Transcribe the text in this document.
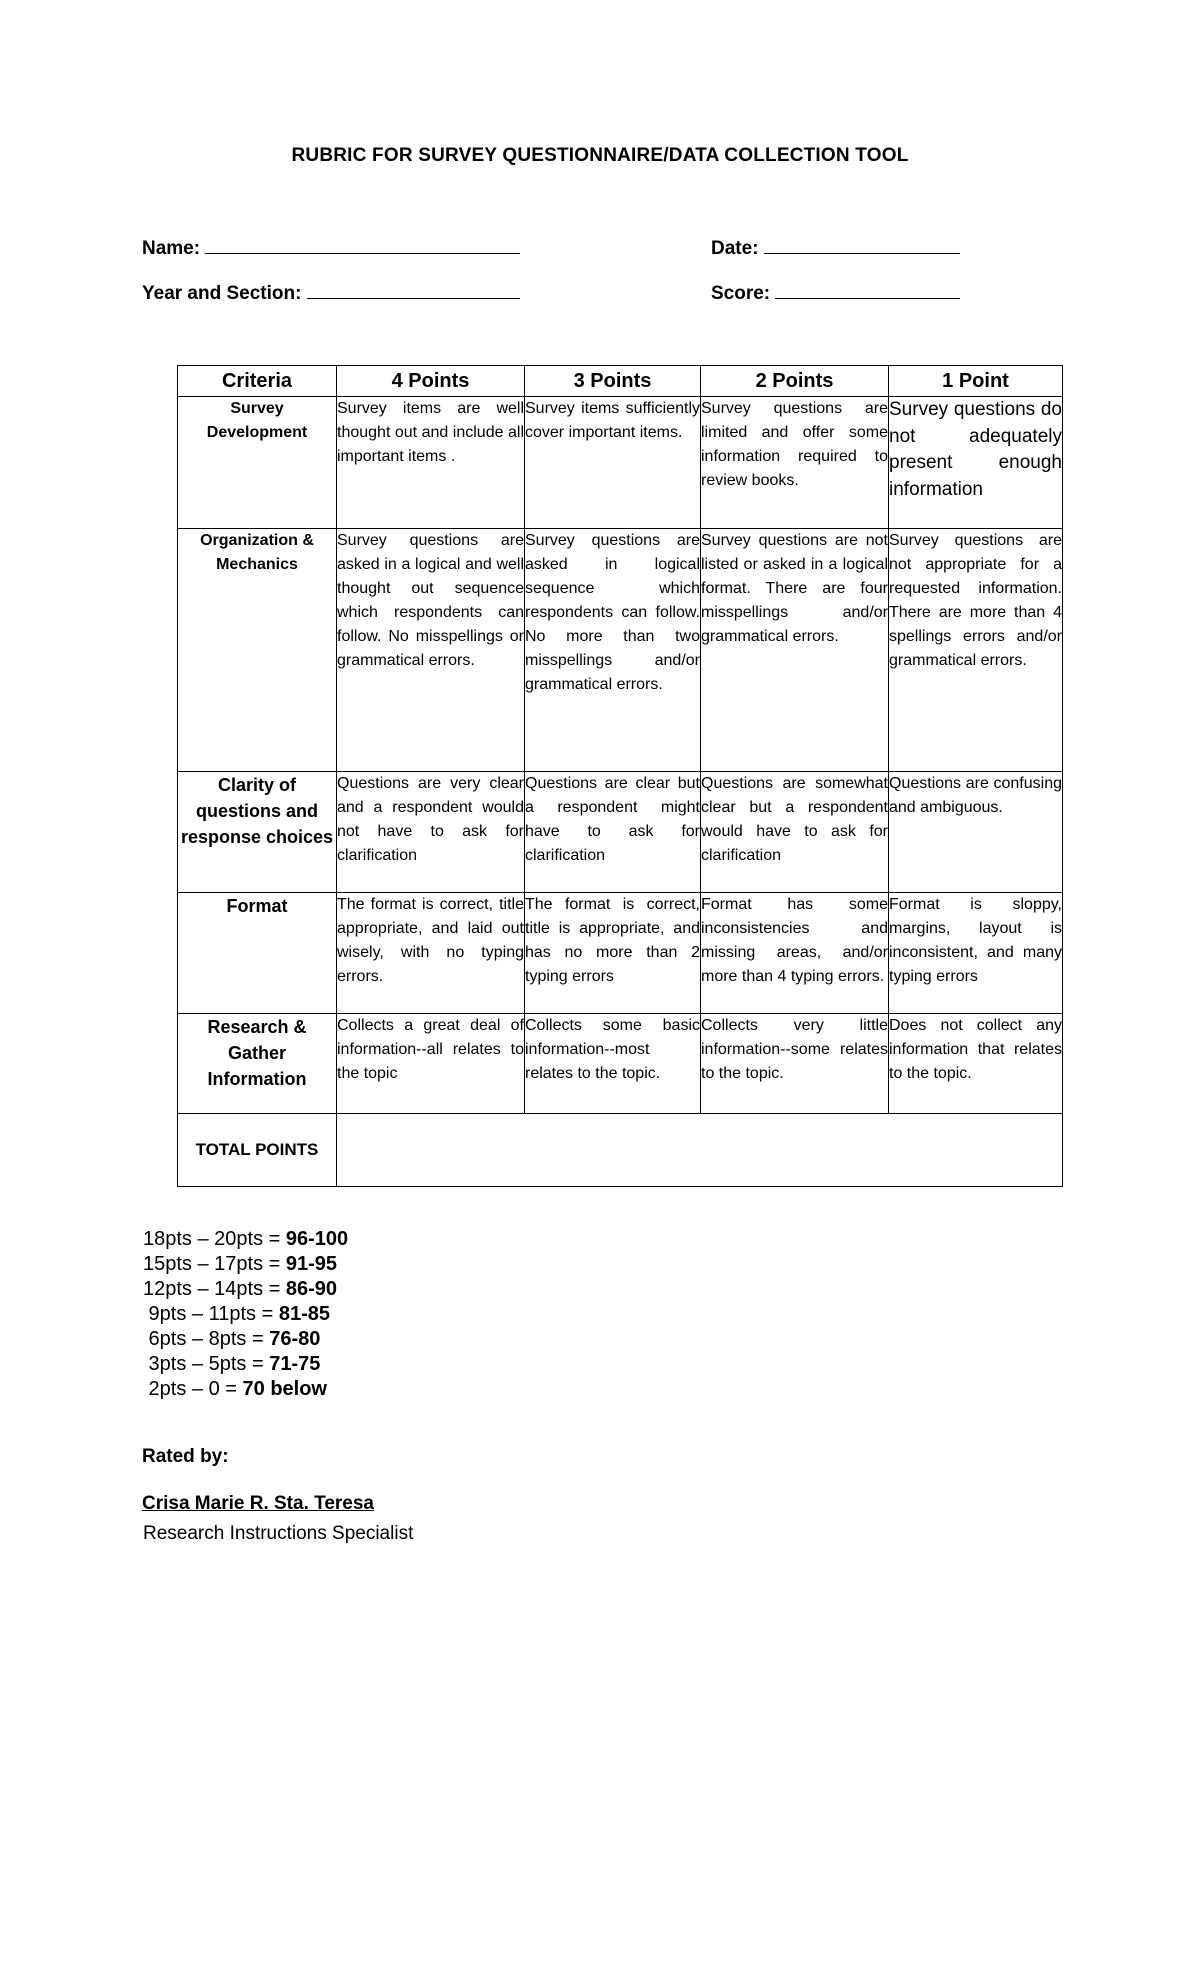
RUBRIC FOR SURVEY QUESTIONNAIRE/DATA COLLECTION TOOL
Name:	Date:
Year and Section:	Score:
Criteria	4 Points	3 Points	2 Points	1 Point
Survey Development	Survey items are well thought out and include all important items .	Survey items sufficiently cover important items.	Survey questions are limited and offer some information required to review books.	Survey questions do not adequately present enough information
Organization & Mechanics	Survey questions are asked in a logical and well thought out sequence which respondents can follow. No misspellings or grammatical errors.	Survey questions are asked in logical sequence which respondents can follow. No more than two misspellings and/or grammatical errors.	Survey questions are not listed or asked in a logical format. There are four misspellings and/or grammatical errors.	Survey questions are not appropriate for a requested information. There are more than 4 spellings errors and/or grammatical errors.
Clarity of questions and response choices	Questions are very clear and a respondent would not have to ask for clarification	Questions are clear but a respondent might have to ask for clarification	Questions are somewhat clear but a respondent would have to ask for clarification	Questions are confusing and ambiguous.
Format	The format is correct, title appropriate, and laid out wisely, with no typing errors.	The format is correct, title is appropriate, and has no more than 2 typing errors	Format has some inconsistencies and missing areas, and/or more than 4 typing errors.	Format is sloppy, margins, layout is inconsistent, and many typing errors
Research & Gather Information	Collects a great deal of information--all relates to the topic	Collects some basic information--most relates to the topic.	Collects very little information--some relates to the topic.	Does not collect any information that relates to the topic.
TOTAL POINTS				
18pts – 20pts = 96-100
15pts – 17pts = 91-95
12pts – 14pts = 86-90
9pts – 11pts = 81-85
6pts – 8pts = 76-80
3pts – 5pts = 71-75
2pts – 0 = 70 below
Rated by:
Crisa Marie R. Sta. Teresa
Research Instructions Specialist
